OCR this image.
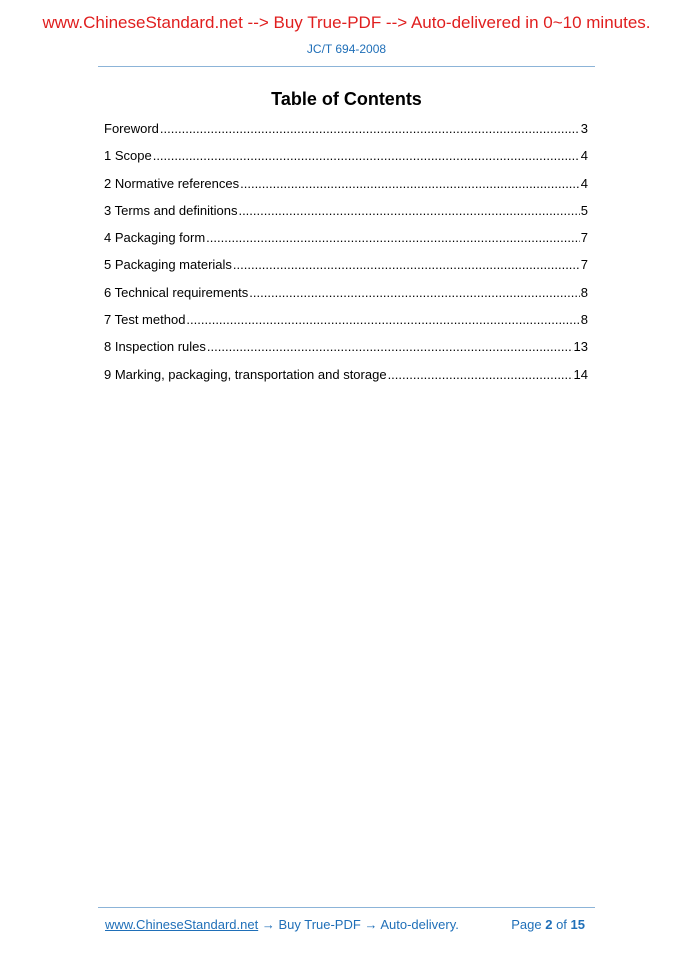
www.ChineseStandard.net --> Buy True-PDF --> Auto-delivered in 0~10 minutes.
JC/T 694-2008
Table of Contents
Foreword .....	3
1 Scope .....	4
2 Normative references .....	4
3 Terms and definitions .....	5
4 Packaging form .....	7
5 Packaging materials .....	7
6 Technical requirements .....	8
7 Test method .....	8
8 Inspection rules .....	13
9 Marking, packaging, transportation and storage .....	14
www.ChineseStandard.net → Buy True-PDF → Auto-delivery.	Page 2 of 15
